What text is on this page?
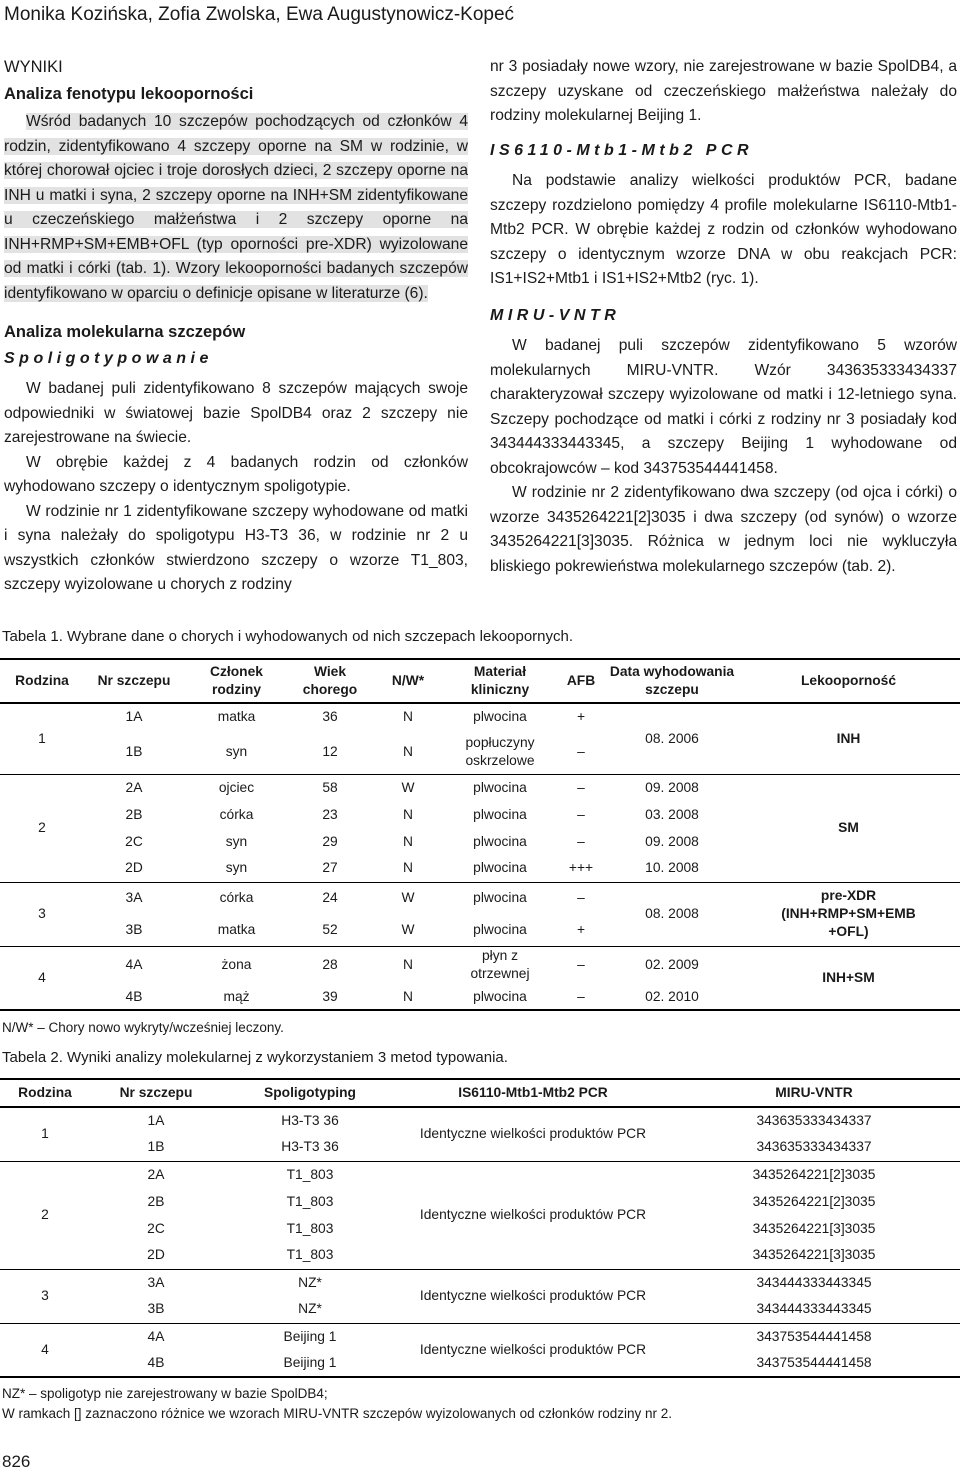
Monika Kozińska, Zofia Zwolska, Ewa Augustynowicz-Kopeć

WYNIKI

Analiza fenotypu lekooporności

Wśród badanych 10 szczepów pochodzących od członków 4 rodzin, zidentyfikowano 4 szczepy oporne na SM w rodzinie, w której chorował ojciec i troje dorosłych dzieci, 2 szczepy oporne na INH u matki i syna, 2 szczepy oporne na INH+SM zidentyfikowane u czeczeńskiego małżeństwa i 2 szczepy oporne na INH+RMP+SM+EMB+OFL (typ oporności pre-XDR) wyizolowane od matki i córki (tab. 1). Wzory lekooporności badanych szczepów identyfikowano w oparciu o definicje opisane w literaturze (6).

Analiza molekularna szczepów

Spoligotypowanie

W badanej puli zidentyfikowano 8 szczepów mających swoje odpowiedniki w światowej bazie SpolDB4 oraz 2 szczepy nie zarejestrowane na świecie.

W obrębie każdej z 4 badanych rodzin od członków wyhodowano szczepy o identycznym spoligotypie.

W rodzinie nr 1 zidentyfikowane szczepy wyhodowane od matki i syna należały do spoligotypu H3-T3 36, w rodzinie nr 2 u wszystkich członków stwierdzono szczepy o wzorze T1_803, szczepy wyizolowane u chorych z rodziny

nr 3 posiadały nowe wzory, nie zarejestrowane w bazie SpolDB4, a szczepy uzyskane od czeczeńskiego małżeństwa należały do rodziny molekularnej Beijing 1.

IS6110-Mtb1-Mtb2 PCR

Na podstawie analizy wielkości produktów PCR, badane szczepy rozdzielono pomiędzy 4 profile molekularne IS6110-Mtb1-Mtb2 PCR. W obrębie każdej z rodzin od członków wyhodowano szczepy o identycznym wzorze DNA w obu reakcjach PCR: IS1+IS2+Mtb1 i IS1+IS2+Mtb2 (ryc. 1).

MIRU-VNTR

W badanej puli szczepów zidentyfikowano 5 wzorów molekularnych MIRU-VNTR. Wzór 343635333434337 charakteryzował szczepy wyizolowane od matki i 12-letniego syna. Szczepy pochodzące od matki i córki z rodziny nr 3 posiadały kod 343444333443345, a szczepy Beijing 1 wyhodowane od obcokrajowców – kod 343753544441458.

W rodzinie nr 2 zidentyfikowano dwa szczepy (od ojca i córki) o wzorze 3435264221[2]3035 i dwa szczepy (od synów) o wzorze 3435264221[3]3035. Różnica w jednym loci nie wykluczyła bliskiego pokrewieństwa molekularnego szczepów (tab. 2).

Tabela 1. Wybrane dane o chorych i wyhodowanych od nich szczepach lekoopornych.
Rodzina	Nr szczepu	Członek rodziny	Wiek chorego	N/W*	Materiał kliniczny	AFB	Data wyhodowania szczepu	Lekooporność
1	1A	matka	36	N	plwocina	+	08. 2006	INH
	1B	syn	12	N	popłuczyny oskrzelowe	–		
2	2A	ojciec	58	W	plwocina	–	09. 2008	SM
	2B	córka	23	N	plwocina	–	03. 2008	
	2C	syn	29	N	plwocina	–	09. 2008	
	2D	syn	27	N	plwocina	+++	10. 2008	
3	3A	córka	24	W	plwocina	–	08. 2008	pre-XDR (INH+RMP+SM+EMB +OFL)
	3B	matka	52	W	plwocina	+		
4	4A	żona	28	N	płyn z otrzewnej	–	02. 2009	INH+SM
	4B	mąż	39	N	plwocina	–	02. 2010	
N/W* – Chory nowo wykryty/wcześniej leczony.
Tabela 2. Wyniki analizy molekularnej z wykorzystaniem 3 metod typowania.
Rodzina	Nr szczepu	Spoligotyping	IS6110-Mtb1-Mtb2 PCR	MIRU-VNTR
1	1A	H3-T3 36	Identyczne wielkości produktów PCR	343635333434337
	1B	H3-T3 36		343635333434337
2	2A	T1_803	Identyczne wielkości produktów PCR	3435264221[2]3035
	2B	T1_803		3435264221[2]3035
	2C	T1_803		3435264221[3]3035
	2D	T1_803		3435264221[3]3035
3	3A	NZ*	Identyczne wielkości produktów PCR	343444333443345
	3B	NZ*		343444333443345
4	4A	Beijing 1	Identyczne wielkości produktów PCR	343753544441458
	4B	Beijing 1		343753544441458
NZ* – spoligotyp nie zarejestrowany w bazie SpolDB4;
W ramkach [] zaznaczono różnice we wzorach MIRU-VNTR szczepów wyizolowanych od członków rodziny nr 2.
826
